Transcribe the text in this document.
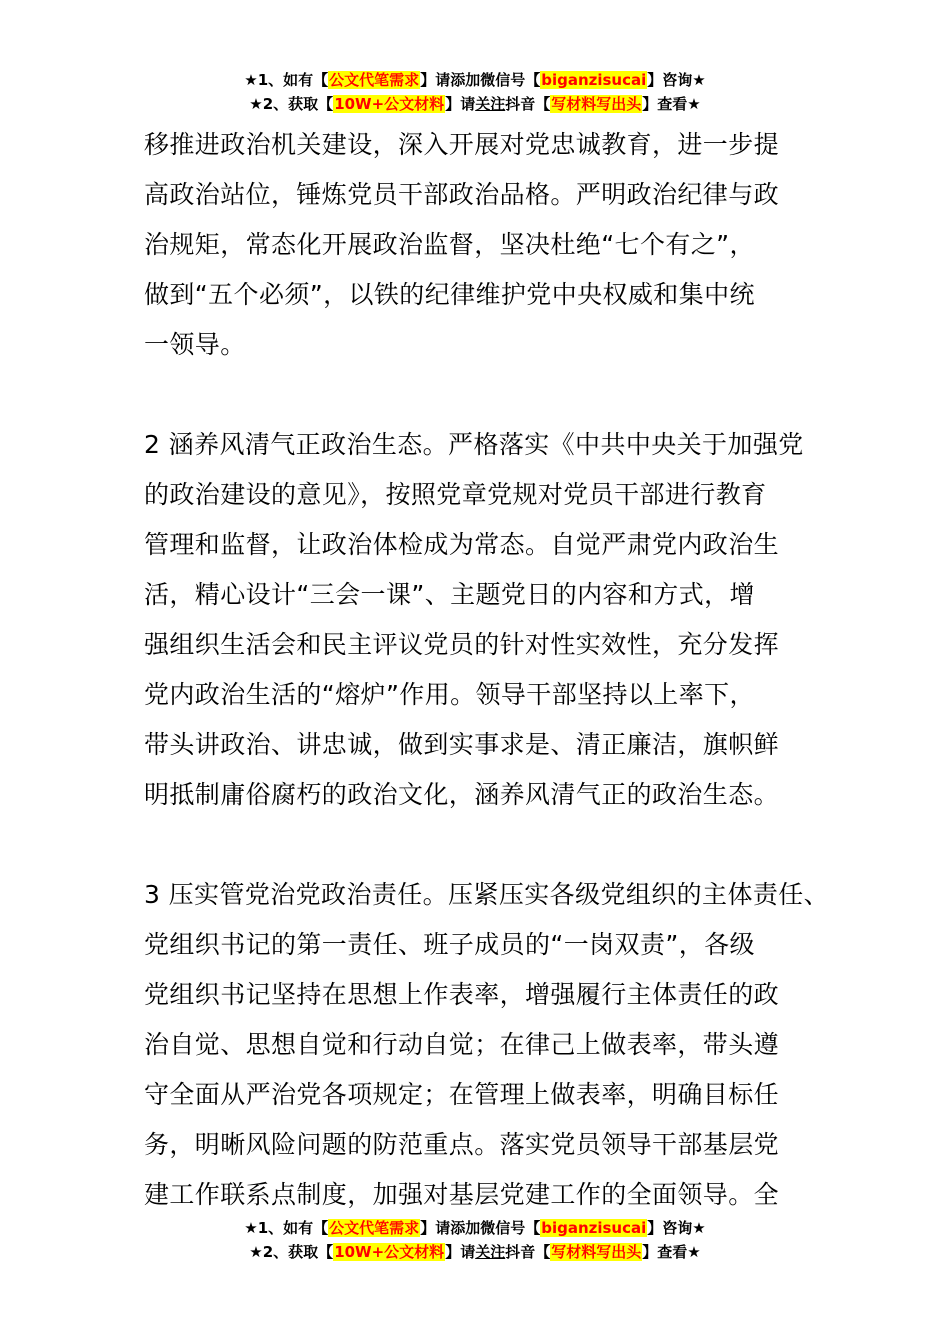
★1、如有【公文代笔需求】请添加微信号【biganzisucai】咨询★
★2、获取【10W+公文材料】请关注抖音【写材料写出头】查看★
移推进政治机关建设，深入开展对党忠诚教育，进一步提
高政治站位，锤炼党员干部政治品格。严明政治纪律与政
治规矩，常态化开展政治监督，坚决杜绝“七个有之”，
做到“五个必须”，以铁的纪律维护党中央权威和集中统
一领导。
2 涵养风清气正政治生态。严格落实《中共中央关于加强党
的政治建设的意见》，按照党章党规对党员干部进行教育
管理和监督，让政治体检成为常态。自觉严肃党内政治生
活，精心设计“三会一课”、主题党日的内容和方式，增
强组织生活会和民主评议党员的针对性实效性，充分发挥
党内政治生活的“熔炉”作用。领导干部坚持以上率下，
带头讲政治、讲忠诚，做到实事求是、清正廉洁，旗帜鲜
明抵制庸俗腐朽的政治文化，涵养风清气正的政治生态。
3 压实管党治党政治责任。压紧压实各级党组织的主体责任、
党组织书记的第一责任、班子成员的“一岗双责”，各级
党组织书记坚持在思想上作表率，增强履行主体责任的政
治自觉、思想自觉和行动自觉；在律己上做表率，带头遵
守全面从严治党各项规定；在管理上做表率，明确目标任
务，明晰风险问题的防范重点。落实党员领导干部基层党
建工作联系点制度，加强对基层党建工作的全面领导。全
★1、如有【公文代笔需求】请添加微信号【biganzisucai】咨询★
★2、获取【10W+公文材料】请关注抖音【写材料写出头】查看★
